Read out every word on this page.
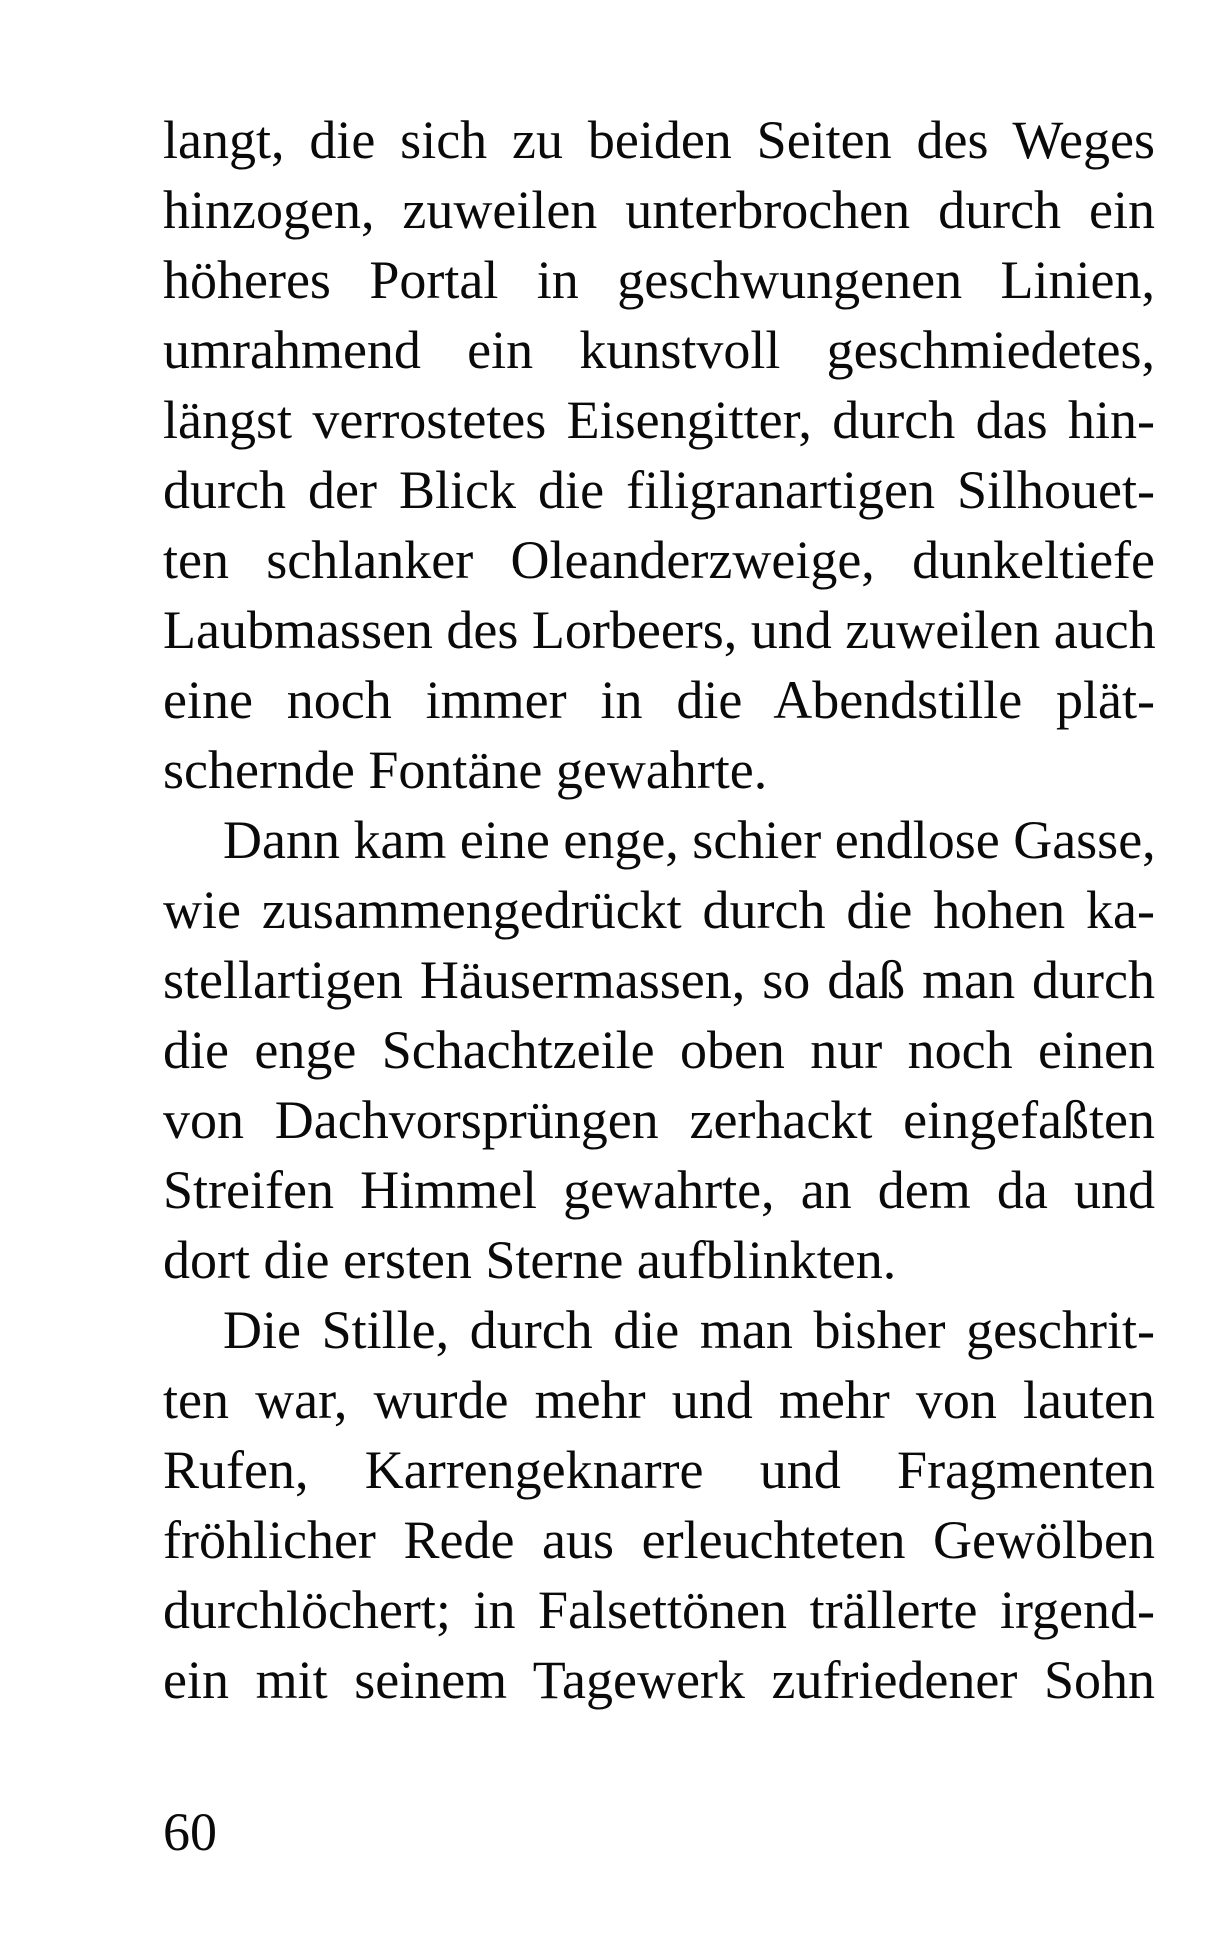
langt, die sich zu beiden Seiten des Weges
hinzogen, zuweilen unterbrochen durch ein
höheres Portal in geschwungenen Linien,
umrahmend ein kunstvoll geschmiedetes,
längst verrostetes Eisengitter, durch das hin-
durch der Blick die filigranartigen Silhouet-
ten schlanker Oleanderzweige, dunkeltiefe
Laubmassen des Lorbeers, und zuweilen auch
eine noch immer in die Abendstille plät-
schernde Fontäne gewahrte.
Dann kam eine enge, schier endlose Gasse,
wie zusammengedrückt durch die hohen ka-
stellartigen Häusermassen, so daß man durch
die enge Schachtzeile oben nur noch einen
von Dachvorsprüngen zerhackt eingefaßten
Streifen Himmel gewahrte, an dem da und
dort die ersten Sterne aufblinkten.
Die Stille, durch die man bisher geschrit-
ten war, wurde mehr und mehr von lauten
Rufen, Karrengeknarre und Fragmenten
fröhlicher Rede aus erleuchteten Gewölben
durchlöchert; in Falsettönen trällerte irgend-
ein mit seinem Tagewerk zufriedener Sohn
60
